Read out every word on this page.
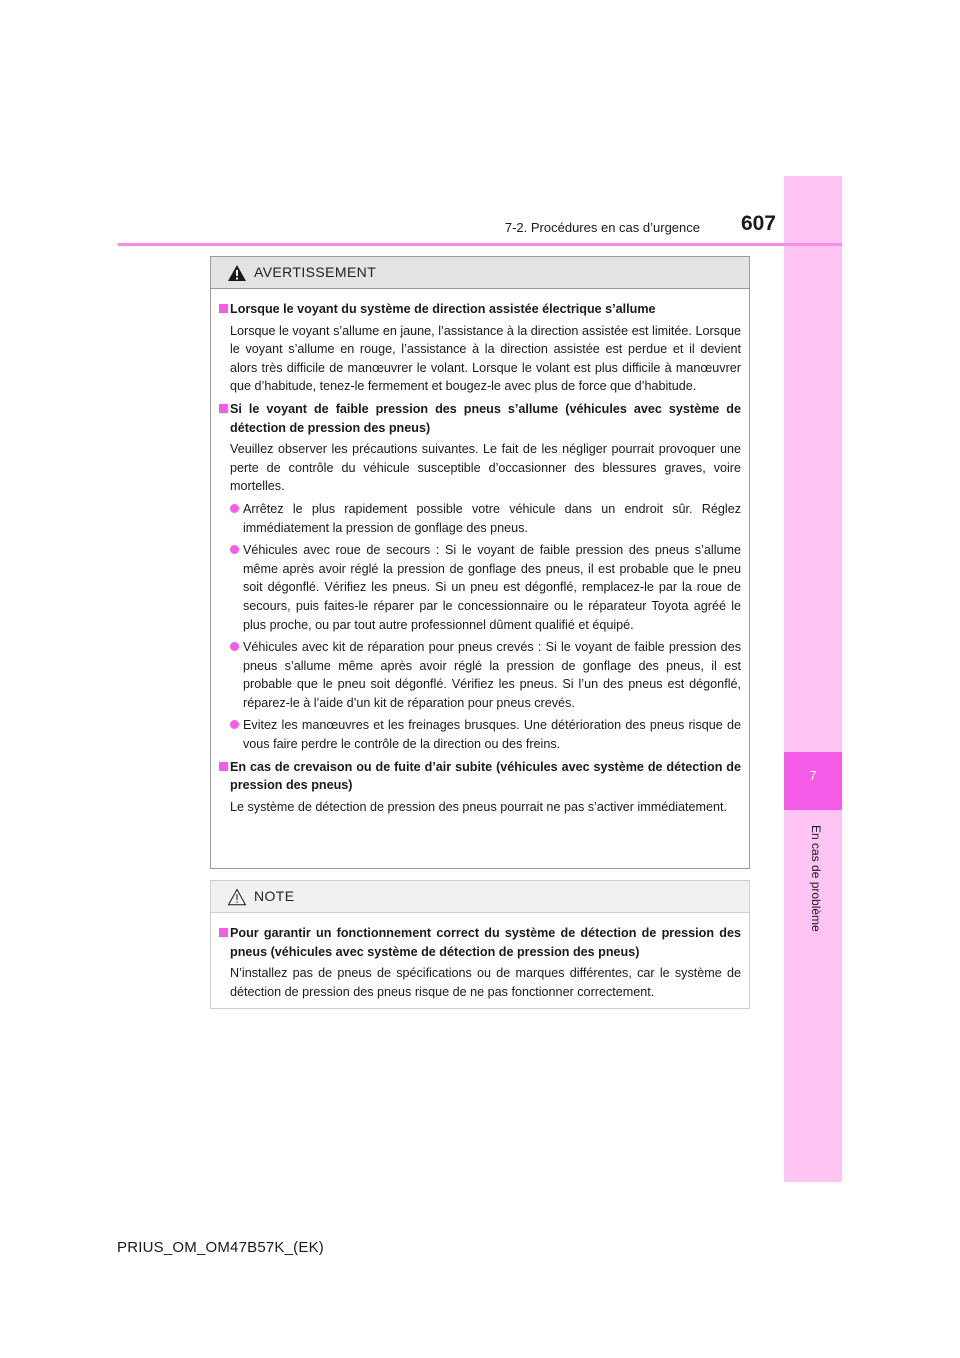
7
7-2. Procédures en cas d’urgence	607
AVERTISSEMENT
Lorsque le voyant du système de direction assistée électrique s’allume
Lorsque le voyant s’allume en jaune, l’assistance à la direction assistée est limitée. Lorsque le voyant s’allume en rouge, l’assistance à la direction assistée est perdue et il devient alors très difficile de manœuvrer le volant. Lorsque le volant est plus difficile à manœuvrer que d’habitude, tenez-le fermement et bougez-le avec plus de force que d’habitude.
Si le voyant de faible pression des pneus s’allume (véhicules avec système de détection de pression des pneus)
Veuillez observer les précautions suivantes. Le fait de les négliger pourrait provoquer une perte de contrôle du véhicule susceptible d’occasionner des blessures graves, voire mortelles.
Arrêtez le plus rapidement possible votre véhicule dans un endroit sûr. Réglez immédiatement la pression de gonflage des pneus.
Véhicules avec roue de secours : Si le voyant de faible pression des pneus s’allume même après avoir réglé la pression de gonflage des pneus, il est probable que le pneu soit dégonflé. Vérifiez les pneus. Si un pneu est dégonflé, remplacez-le par la roue de secours, puis faites-le réparer par le concessionnaire ou le réparateur Toyota agréé le plus proche, ou par tout autre professionnel dûment qualifié et équipé.
Véhicules avec kit de réparation pour pneus crevés : Si le voyant de faible pression des pneus s’allume même après avoir réglé la pression de gonflage des pneus, il est probable que le pneu soit dégonflé. Vérifiez les pneus. Si l’un des pneus est dégonflé, réparez-le à l’aide d’un kit de réparation pour pneus crevés.
Evitez les manœuvres et les freinages brusques. Une détérioration des pneus risque de vous faire perdre le contrôle de la direction ou des freins.
En cas de crevaison ou de fuite d’air subite (véhicules avec système de détection de pression des pneus)
Le système de détection de pression des pneus pourrait ne pas s’activer immédiatement.
NOTE
Pour garantir un fonctionnement correct du système de détection de pression des pneus (véhicules avec système de détection de pression des pneus)
N’installez pas de pneus de spécifications ou de marques différentes, car le système de détection de pression des pneus risque de ne pas fonctionner correctement.
PRIUS_OM_OM47B57K_(EK)
